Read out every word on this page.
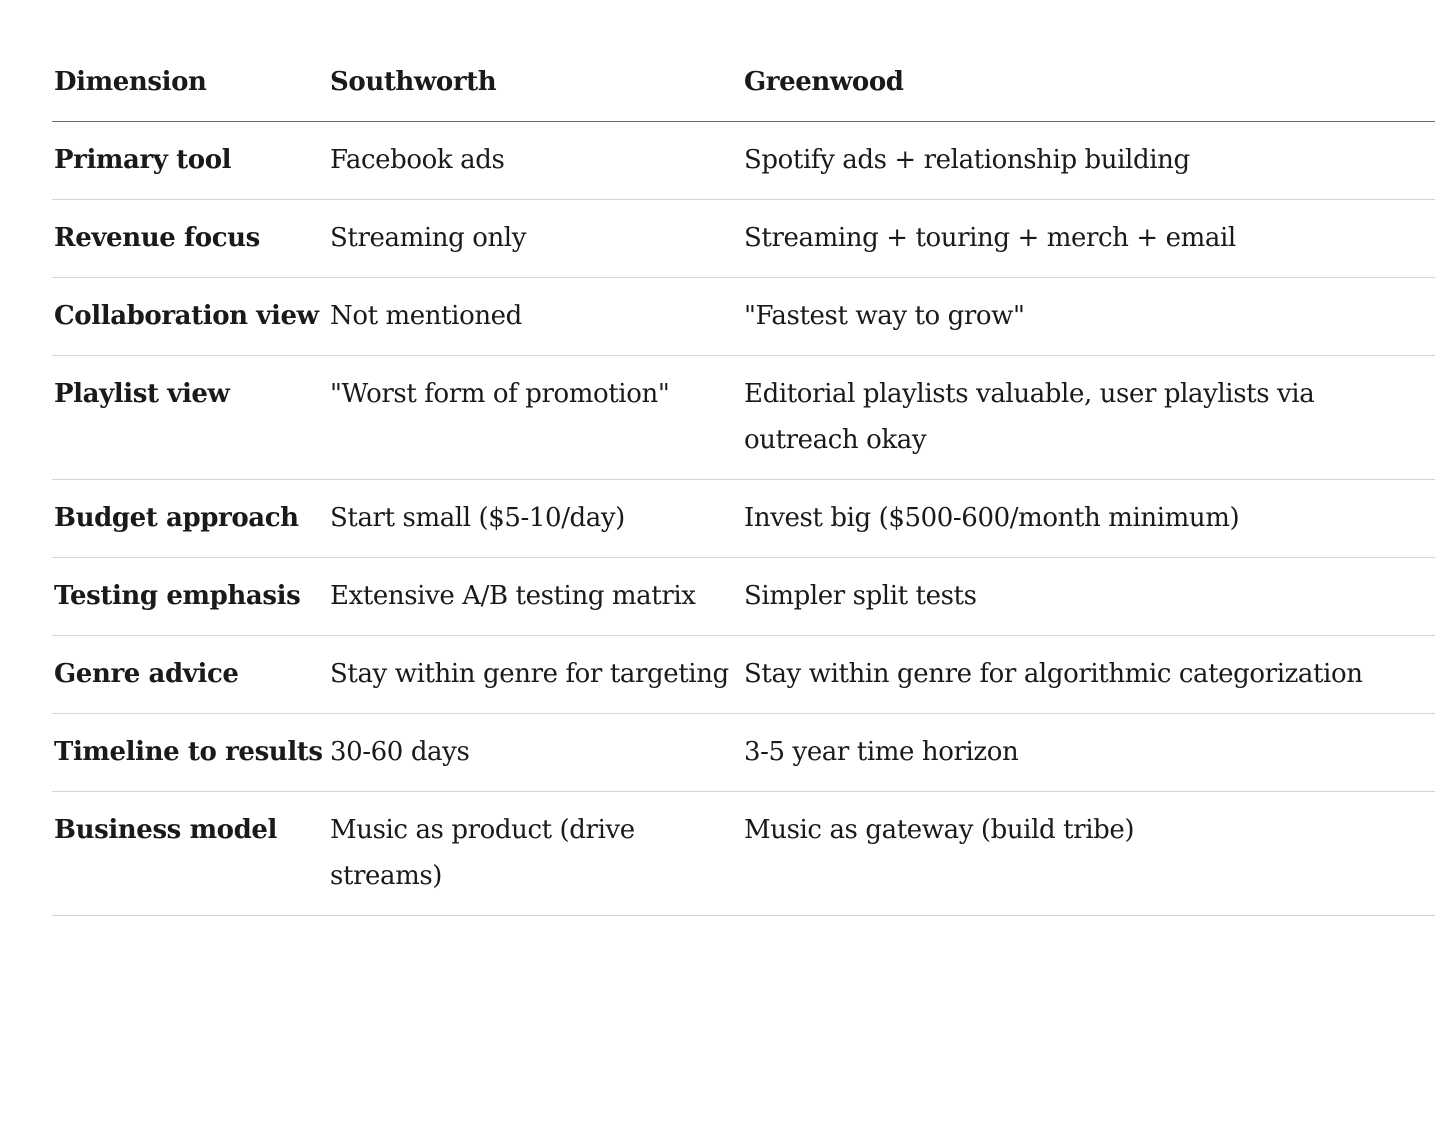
Dimension	Southworth	Greenwood
Primary tool	Facebook ads	Spotify ads + relationship building
Revenue focus	Streaming only	Streaming + touring + merch + email
Collaboration view	Not mentioned	"Fastest way to grow"
Playlist view	"Worst form of promotion"	Editorial playlists valuable, user playlists via outreach okay
Budget approach	Start small ($5-10/day)	Invest big ($500-600/month minimum)
Testing emphasis	Extensive A/B testing matrix	Simpler split tests
Genre advice	Stay within genre for targeting	Stay within genre for algorithmic categorization
Timeline to results	30-60 days	3-5 year time horizon
Business model	Music as product (drive streams)	Music as gateway (build tribe)
